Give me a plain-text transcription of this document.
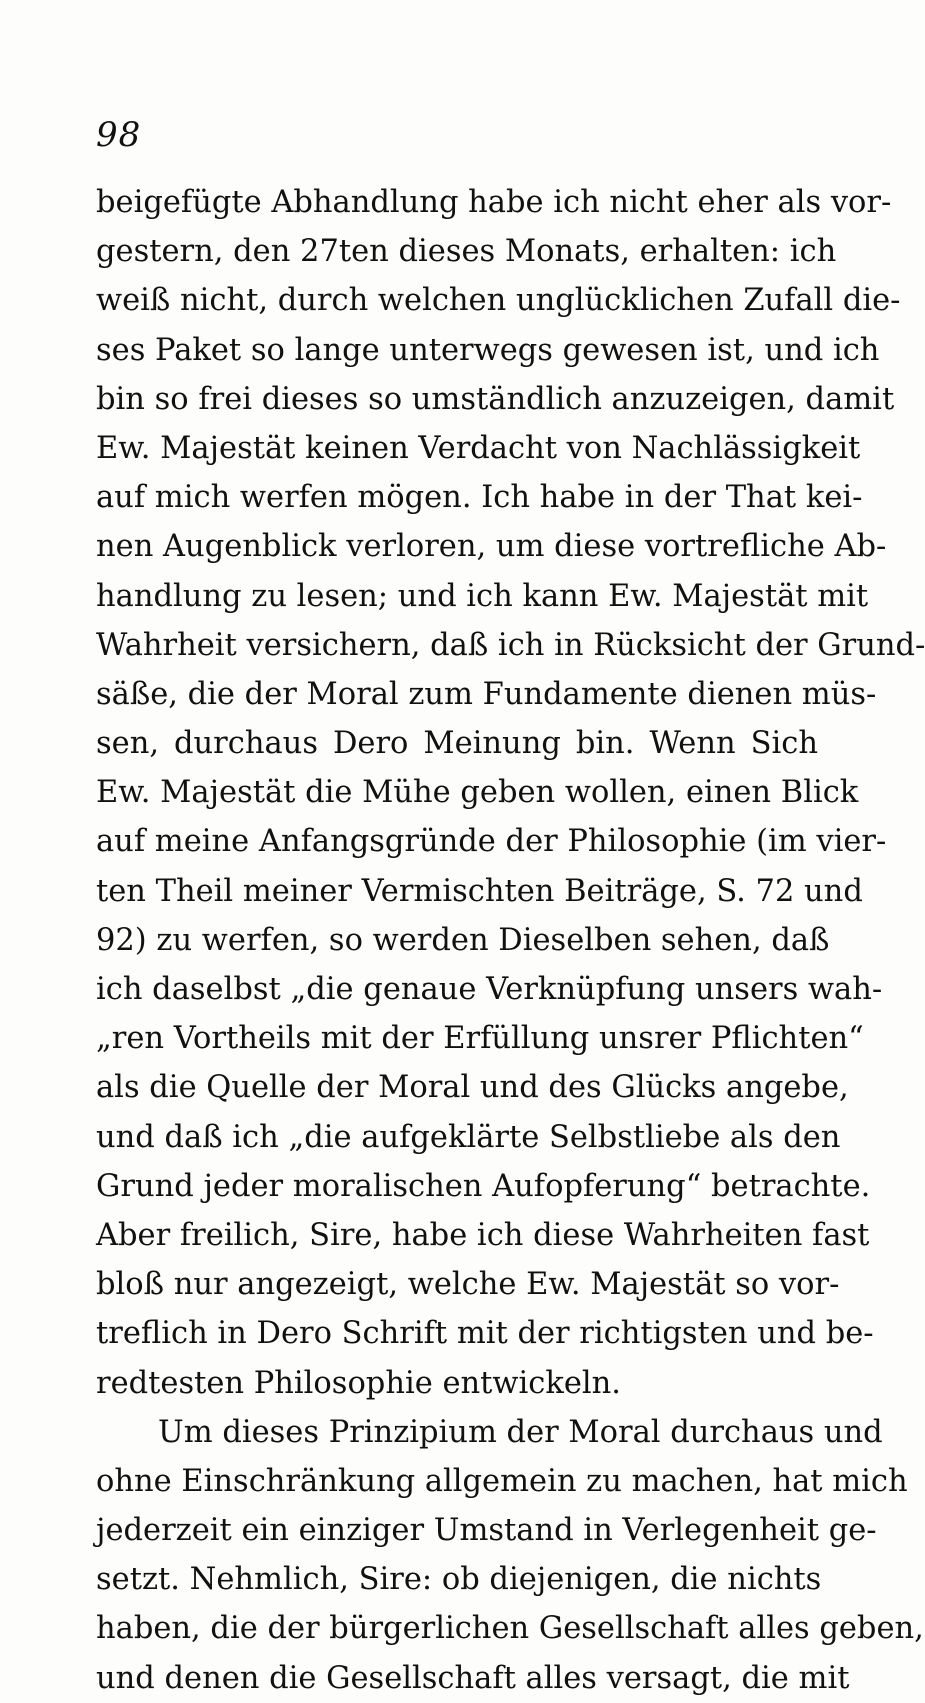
98
beigefügte Abhandlung habe ich nicht eher als vor-
gestern, den 27ten dieses Monats, erhalten: ich
weiß nicht, durch welchen unglücklichen Zufall die-
ses Paket so lange unterwegs gewesen ist, und ich
bin so frei dieses so umständlich anzuzeigen, damit
Ew. Majestät keinen Verdacht von Nachlässigkeit
auf mich werfen mögen. Ich habe in der That kei-
nen Augenblick verloren, um diese vortrefliche Ab-
handlung zu lesen; und ich kann Ew. Majestät mit
Wahrheit versichern, daß ich in Rücksicht der Grund-
säße, die der Moral zum Fundamente dienen müs-
sen, durchaus Dero Meinung bin. Wenn Sich
Ew. Majestät die Mühe geben wollen, einen Blick
auf meine Anfangsgründe der Philosophie (im vier-
ten Theil meiner Vermischten Beiträge, S. 72 und
92) zu werfen, so werden Dieselben sehen, daß
ich daselbst „die genaue Verknüpfung unsers wah-
„ren Vortheils mit der Erfüllung unsrer Pflichten“
als die Quelle der Moral und des Glücks angebe,
und daß ich „die aufgeklärte Selbstliebe als den
Grund jeder moralischen Aufopferung“ betrachte.
Aber freilich, Sire, habe ich diese Wahrheiten fast
bloß nur angezeigt, welche Ew. Majestät so vor-
treflich in Dero Schrift mit der richtigsten und be-
redtesten Philosophie entwickeln.
Um dieses Prinzipium der Moral durchaus und
ohne Einschränkung allgemein zu machen, hat mich
jederzeit ein einziger Umstand in Verlegenheit ge-
setzt. Nehmlich, Sire: ob diejenigen, die nichts
haben, die der bürgerlichen Gesellschaft alles geben,
und denen die Gesellschaft alles versagt, die mit
